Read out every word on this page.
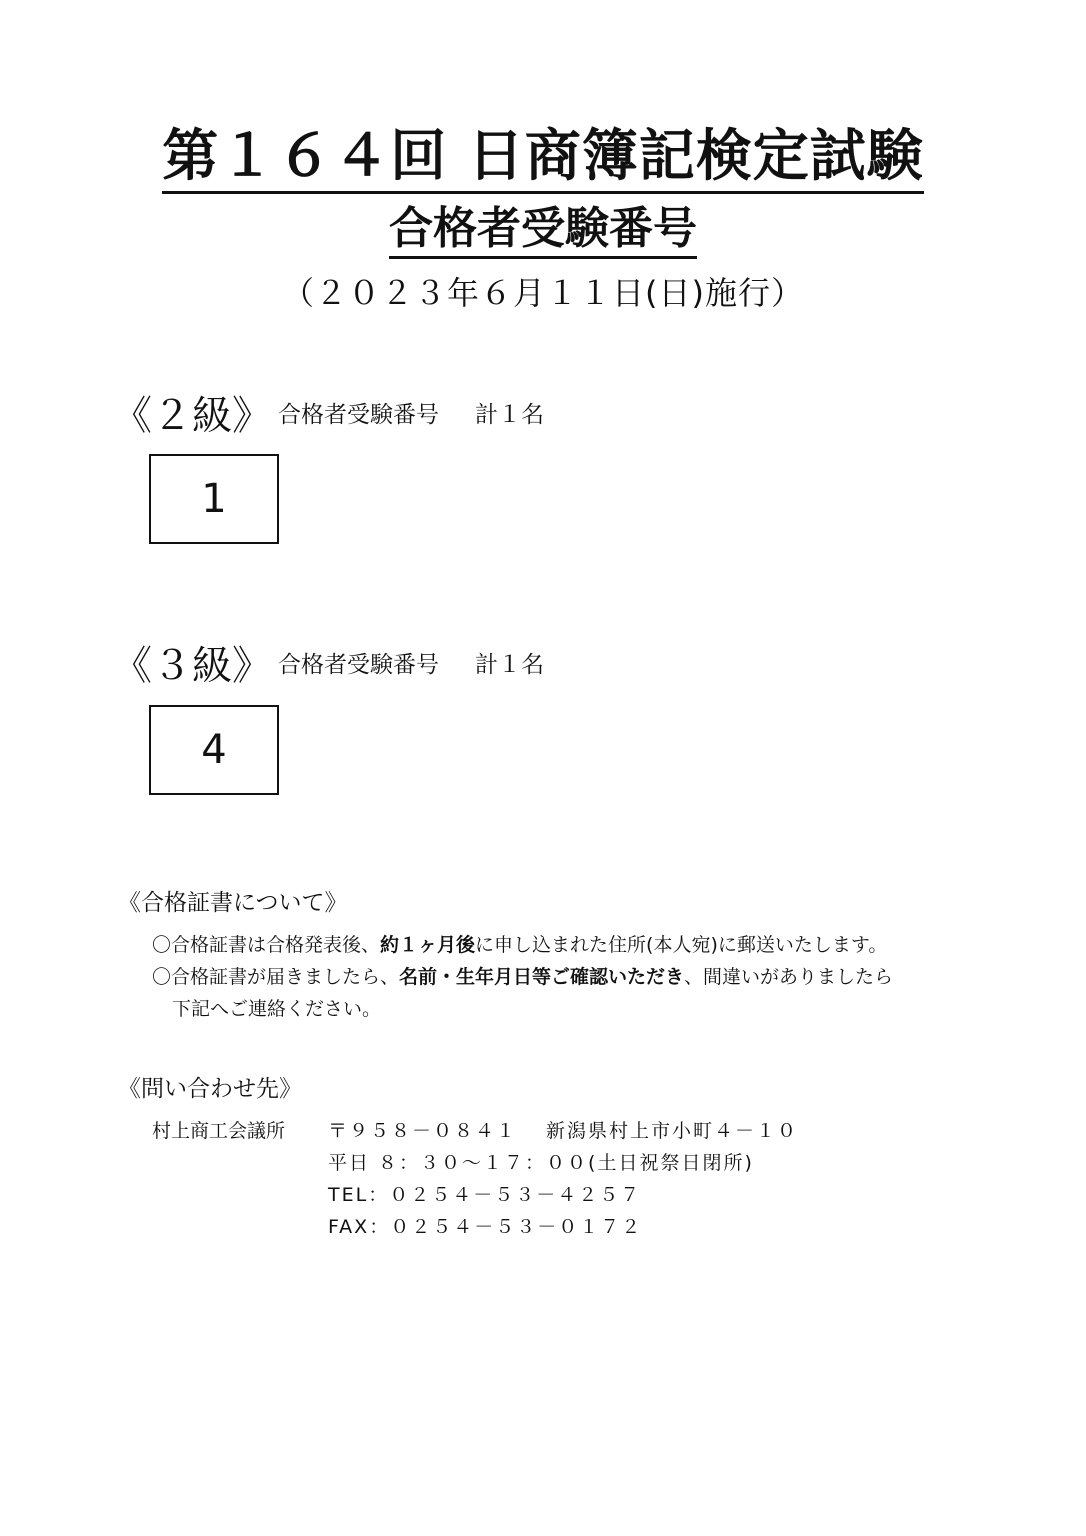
第１６４回 日商簿記検定試験
合格者受験番号
（２０２３年６月１１日(日)施行）
《２級》 合格者受験番号 計１名
1
《３級》 合格者受験番号 計１名
4
《合格証書について》
〇合格証書は合格発表後、約１ヶ月後に申し込まれた住所(本人宛)に郵送いたします。
〇合格証書が届きましたら、名前・生年月日等ご確認いただき、間違いがありましたら
下記へご連絡ください。
《問い合わせ先》
村上商工会議所 〒９５８－０８４１ 新潟県村上市小町４－１０
平日 ８：３０～１７：００(土日祝祭日閉所)
TEL：０２５４－５３－４２５７
FAX：０２５４－５３－０１７２
